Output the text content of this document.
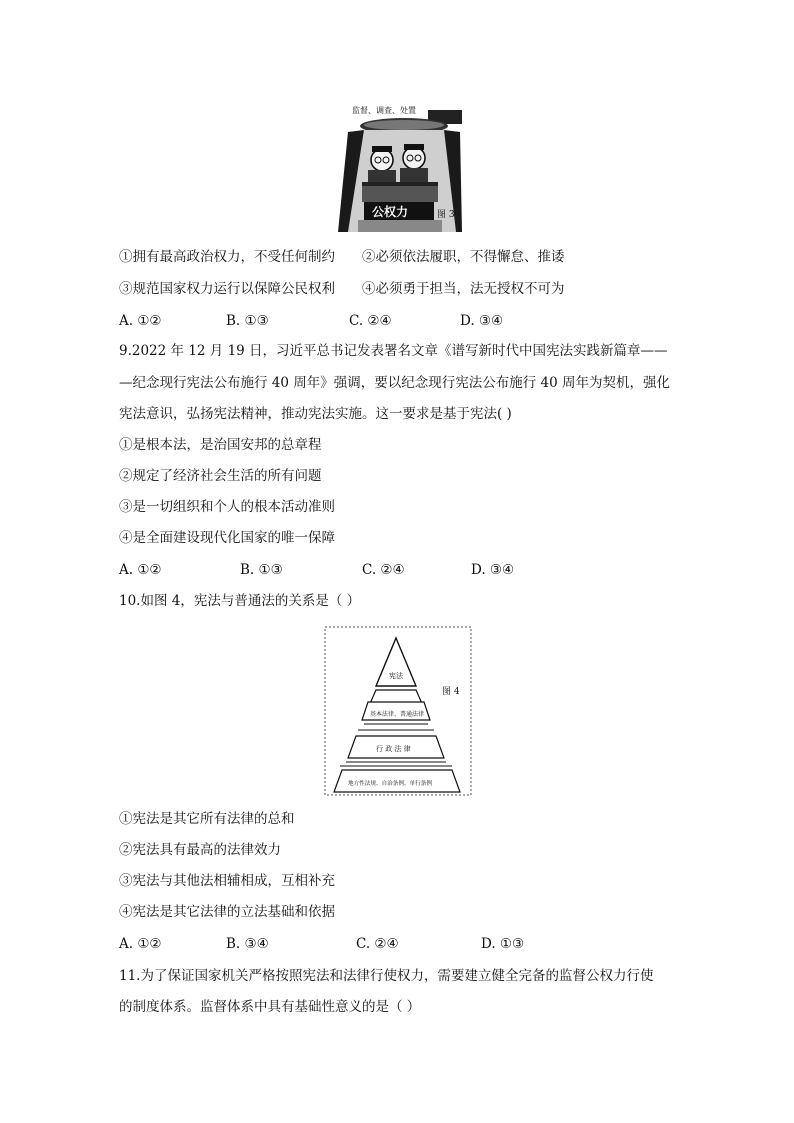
监督、调查、处置
公权力	图 3
①拥有最高政治权力，不受任何制约 ②必须依法履职，不得懈怠、推诿
③规范国家权力运行以保障公民权利 ④必须勇于担当，法无授权不可为
A. ①②	B. ①③	C. ②④	D. ③④
9.2022 年 12 月 19 日，习近平总书记发表署名文章《谱写新时代中国宪法实践新篇章——
—纪念现行宪法公布施行 40 周年》强调，要以纪念现行宪法公布施行 40 周年为契机，强化
宪法意识，弘扬宪法精神，推动宪法实施。这一要求是基于宪法( )
①是根本法，是治国安邦的总章程
②规定了经济社会生活的所有问题
③是一切组织和个人的根本活动准则
④是全面建设现代化国家的唯一保障
A. ①②	B. ①③	C. ②④	D. ③④
10.如图 4，宪法与普通法的关系是（ ）
宪法
基本法律、普通法律
行 政 法 律
地方性法规、自治条例、单行条例
图 4
①宪法是其它所有法律的总和
②宪法具有最高的法律效力
③宪法与其他法相辅相成，互相补充
④宪法是其它法律的立法基础和依据
A. ①②	B. ③④	C. ②④	D. ①③
11.为了保证国家机关严格按照宪法和法律行使权力，需要建立健全完备的监督公权力行使
的制度体系。监督体系中具有基础性意义的是（ ）
